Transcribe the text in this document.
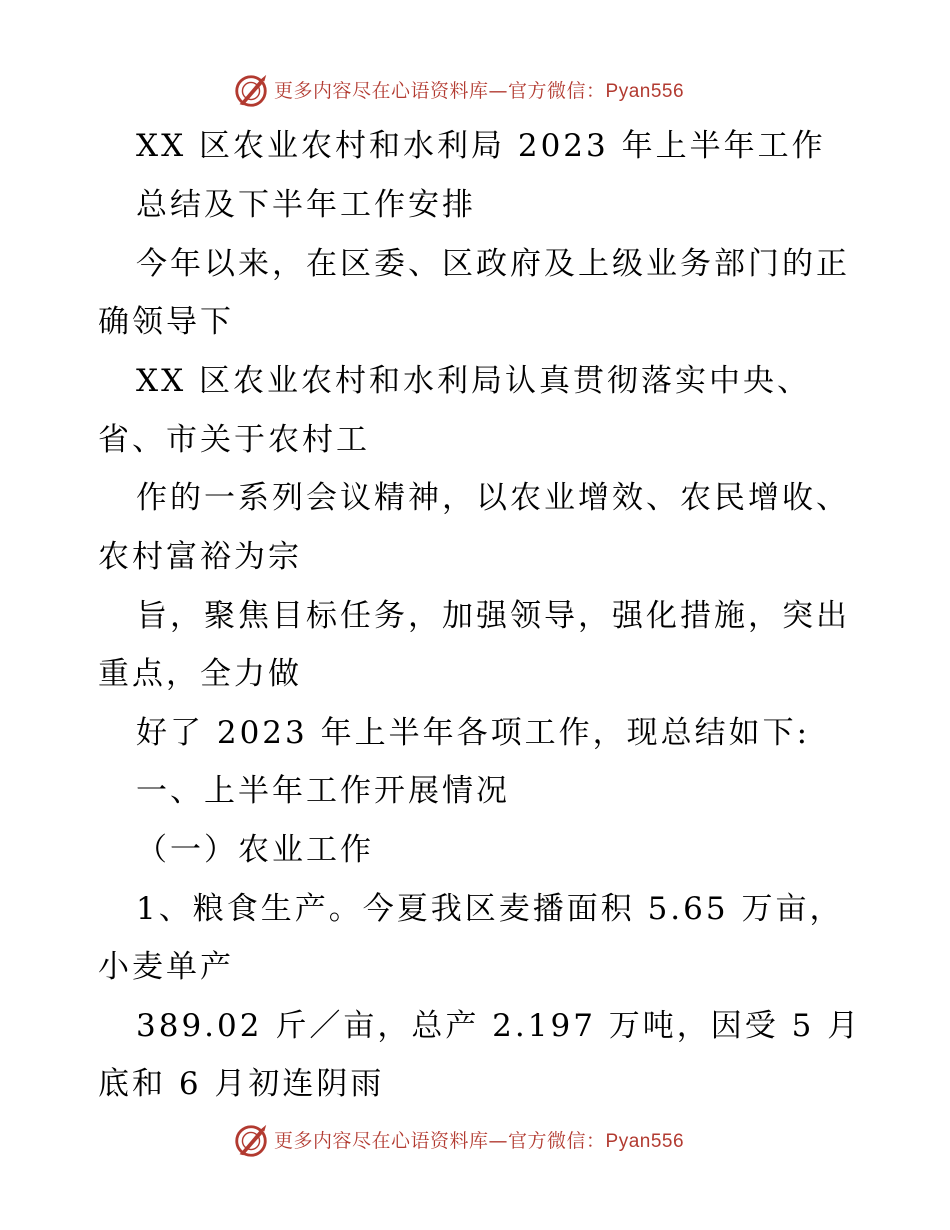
更多内容尽在心语资料库—官方微信：Pyan556
XX 区农业农村和水利局 2023 年上半年工作
总结及下半年工作安排
今年以来，在区委、区政府及上级业务部门的正
确领导下
XX 区农业农村和水利局认真贯彻落实中央、
省、市关于农村工
作的一系列会议精神，以农业增效、农民增收、
农村富裕为宗
旨，聚焦目标任务，加强领导，强化措施，突出
重点，全力做
好了 2023 年上半年各项工作，现总结如下:
一、上半年工作开展情况
（一）农业工作
1、粮食生产。今夏我区麦播面积 5.65 万亩，
小麦单产
389.02 斤／亩，总产 2.197 万吨，因受 5 月
底和 6 月初连阴雨
更多内容尽在心语资料库—官方微信：Pyan556
